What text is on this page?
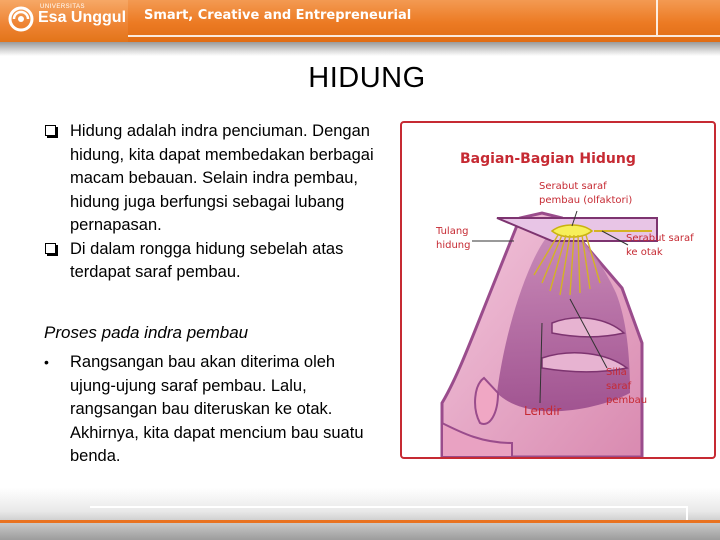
UNIVERSITAS
Esa Unggul Smart, Creative and Entrepreneurial
HIDUNG
Hidung adalah indra penciuman. Dengan hidung, kita dapat membedakan berbagai macam bebauan. Selain indra pembau, hidung juga berfungsi sebagai lubang pernapasan.
Di dalam rongga hidung sebelah atas terdapat saraf pembau.
Proses pada indra pembau
• Rangsangan bau akan diterima oleh ujung-ujung saraf pembau. Lalu, rangsangan bau diteruskan ke otak. Akhirnya, kita dapat mencium bau suatu benda.
Bagian-Bagian Hidung
Serabut saraf pembau (olfaktori)
Tulang hidung
Serabut saraf ke otak
Silia saraf pembau
Lendir
